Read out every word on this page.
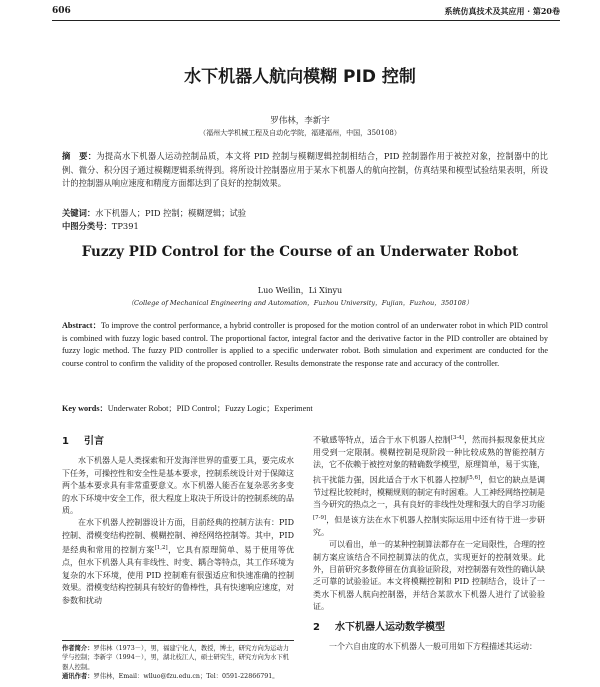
606	系统仿真技术及其应用 · 第20卷
水下机器人航向模糊 PID 控制
罗伟林，李新宇
（福州大学机械工程及自动化学院，福建福州，中国，350108）

摘　要：为提高水下机器人运动控制品质，本文将 PID 控制与模糊逻辑控制相结合，PID 控制器作用于被控对象，控制器中的比例、微分、积分因子通过模糊逻辑系统得到。将所设计控制器应用于某水下机器人的航向控制，仿真结果和模型试验结果表明，所设计的控制器从响应速度和精度方面都达到了良好的控制效果。

关键词：水下机器人；PID 控制；模糊逻辑；试验
中图分类号：TP391
Fuzzy PID Control for the Course of an Underwater Robot
Luo Weilin，Li Xinyu
（College of Mechanical Engineering and Automation，Fuzhou University，Fujian，Fuzhou，350108）

Abstract：To improve the control performance, a hybrid controller is proposed for the motion control of an underwater robot in which PID control is combined with fuzzy logic based control. The proportional factor, integral factor and the derivative factor in the PID controller are obtained by fuzzy logic method. The fuzzy PID controller is applied to a specific underwater robot. Both simulation and experiment are conducted for the course control to confirm the validity of the proposed controller. Results demonstrate the response rate and accuracy of the controller.

Key words：Underwater Robot；PID Control；Fuzzy Logic；Experiment
1 引言

水下机器人是人类探索和开发海洋世界的重要工具，要完成水下任务，可操控性和安全性是基本要求，控制系统设计对于保障这两个基本要求具有非常重要意义。水下机器人能否在复杂恶劣多变的水下环境中安全工作，很大程度上取决于所设计的控制系统的品质。

在水下机器人控制器设计方面，目前经典的控制方法有：PID 控制、滑模变结构控制、模糊控制、神经网络控制等。其中，PID 是经典和常用的控制方案[1,2]，它具有原理简单、易于使用等优点，但水下机器人具有非线性、时变、耦合等特点，其工作环境为复杂的水下环境，使用 PID 控制难有很强适应和快速准确的控制效果。滑模变结构控制具有较好的鲁棒性，具有快速响应速度，对参数和扰动

不敏感等特点，适合于水下机器人控制[3-4]，然而抖振现象使其应用受到一定限制。模糊控制是现阶段一种比较成熟的智能控制方法，它不依赖于被控对象的精确数学模型，原理简单，易于实施，抗干扰能力强，因此适合于水下机器人控制[5,6]，但它的缺点是调节过程比较耗时，模糊规则的制定有时困难。人工神经网络控制是当今研究的热点之一，具有良好的非线性处理和强大的自学习功能[7-9]，但是该方法在水下机器人控制实际运用中还有待于进一步研究。

可以看出，单一的某种控制算法都存在一定局限性，合理的控制方案应该结合不同控制算法的优点，实现更好的控制效果。此外，目前研究多数停留在仿真验证阶段，对控制器有效性的确认缺乏可靠的试验验证。本文将模糊控制和 PID 控制结合，设计了一类水下机器人航向控制器，并结合某款水下机器人进行了试验验证。

2 水下机器人运动数学模型

一个六自由度的水下机器人一般可用如下方程描述其运动：

作者简介：罗伟林（1973－），男，福建宁化人，教授，博士，研究方向为运动力学与控制；李新宇（1994－），男，湖北枝江人，硕士研究生，研究方向为水下机器人控制。

通讯作者：罗伟林，Email：wlluo@fzu.edu.cn；Tel：0591-22866791。
